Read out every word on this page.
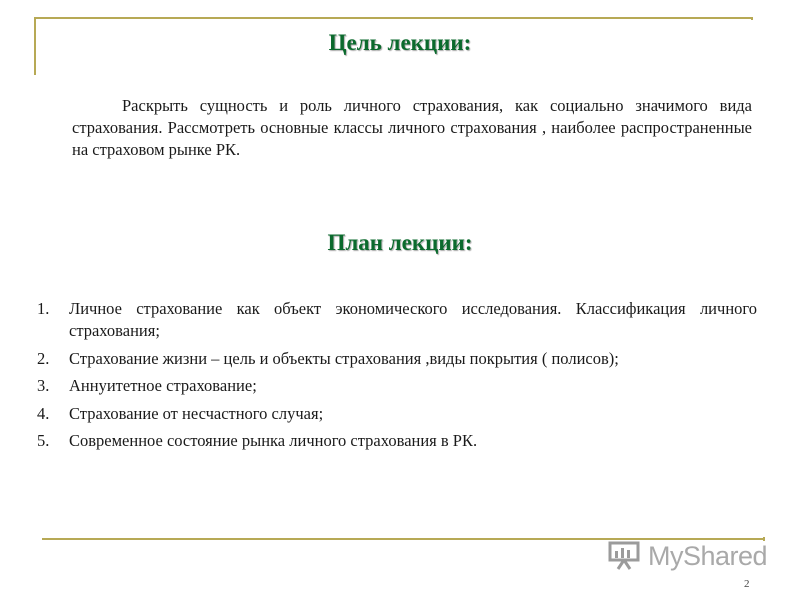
Цель лекции:

Раскрыть сущность и роль личного страхования, как социально значимого вида страхования. Рассмотреть основные классы личного страхования , наиболее распространенные на страховом рынке РК.

План лекции:
1.	Личное страхование как объект экономического исследования. Классификация личного страхования;
2.	Страхование жизни – цель и объекты страхования ,виды покрытия ( полисов);
3.	Аннуитетное страхование;
4.	Страхование от несчастного случая;
5.	Современное состояние рынка личного страхования в РК.
MyShared
2
